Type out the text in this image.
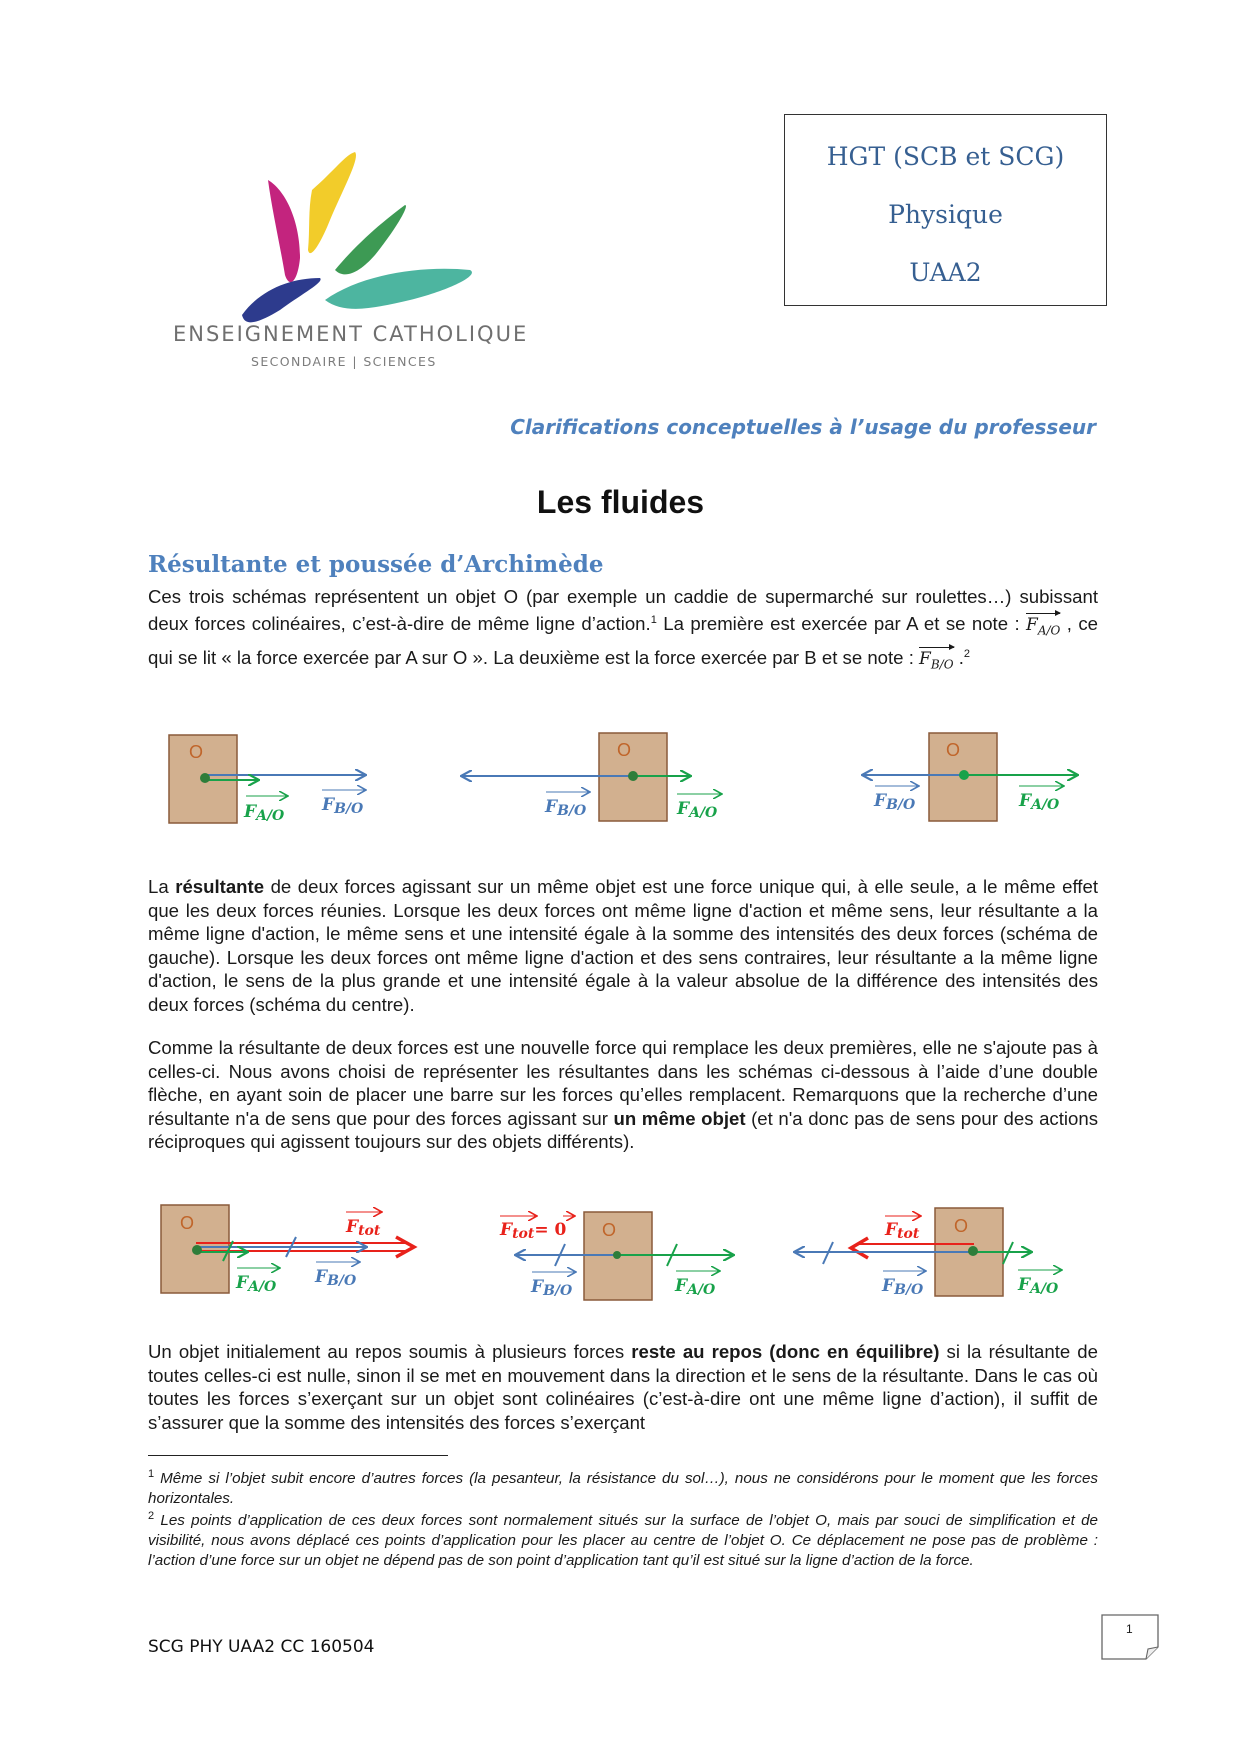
ENSEIGNEMENT CATHOLIQUE
SECONDAIRE | SCIENCES
HGT (SCB et SCG)
Physique
UAA2
Clarifications conceptuelles à l’usage du professeur
Les fluides
Résultante et poussée d’Archimède
Ces trois schémas représentent un objet O (par exemple un caddie de supermarché sur roulettes…) subissant deux forces colinéaires, c’est-à-dire de même ligne d’action.$^1$ La première est exercée par A et se note :
$F_{A/O}$ , ce qui se lit « la force exercée par A sur O ». La deuxième est la force exercée par B et se note :
$F_{B/O}$ .$^2$
O
FA/O
FB/O
O
FB/O	FA/O
O
FB/O	FA/O
La résultante de deux forces agissant sur un même objet est une force unique qui, à elle seule, a le même effet que les deux forces réunies. Lorsque les deux forces ont même ligne d'action et même sens, leur résultante a la même ligne d'action, le même sens et une intensité égale à la somme des intensités des deux forces (schéma de gauche). Lorsque les deux forces ont même ligne d'action et des sens contraires, leur résultante a la même ligne d'action, le sens de la plus grande et une intensité égale à la valeur absolue de la différence des intensités des deux forces (schéma du centre).
Comme la résultante de deux forces est une nouvelle force qui remplace les deux premières, elle ne s'ajoute pas à celles-ci. Nous avons choisi de représenter les résultantes dans les schémas ci-dessous à l’aide d’une double flèche, en ayant soin de placer une barre sur les forces qu’elles remplacent. Remarquons que la recherche d’une résultante n'a de sens que pour des forces agissant sur un même objet (et n'a donc pas de sens pour des actions réciproques qui agissent toujours sur des objets différents).
O	Ftot
FA/O FB/O
Ftot= 0 O
FB/O	FA/O
O
Ftot
FB/O	FA/O
Un objet initialement au repos soumis à plusieurs forces reste au repos (donc en équilibre) si la résultante de toutes celles-ci est nulle, sinon il se met en mouvement dans la direction et le sens de la résultante. Dans le cas où toutes les forces s’exerçant sur un objet sont colinéaires (c’est-à-dire ont une même ligne d’action), il suffit de s’assurer que la somme des intensités des forces s’exerçant
$^1$ Même si l’objet subit encore d’autres forces (la pesanteur, la résistance du sol…), nous ne considérons pour le moment que les forces horizontales.
$^2$ Les points d’application de ces deux forces sont normalement situés sur la surface de l’objet O, mais par souci de simplification et de visibilité, nous avons déplacé ces points d’application pour les placer au centre de l’objet O. Ce déplacement ne pose pas de problème : l’action d’une force sur un objet ne dépend pas de son point d’application tant qu’il est situé sur la ligne d’action de la force.
SCG PHY UAA2 CC 160504
1
